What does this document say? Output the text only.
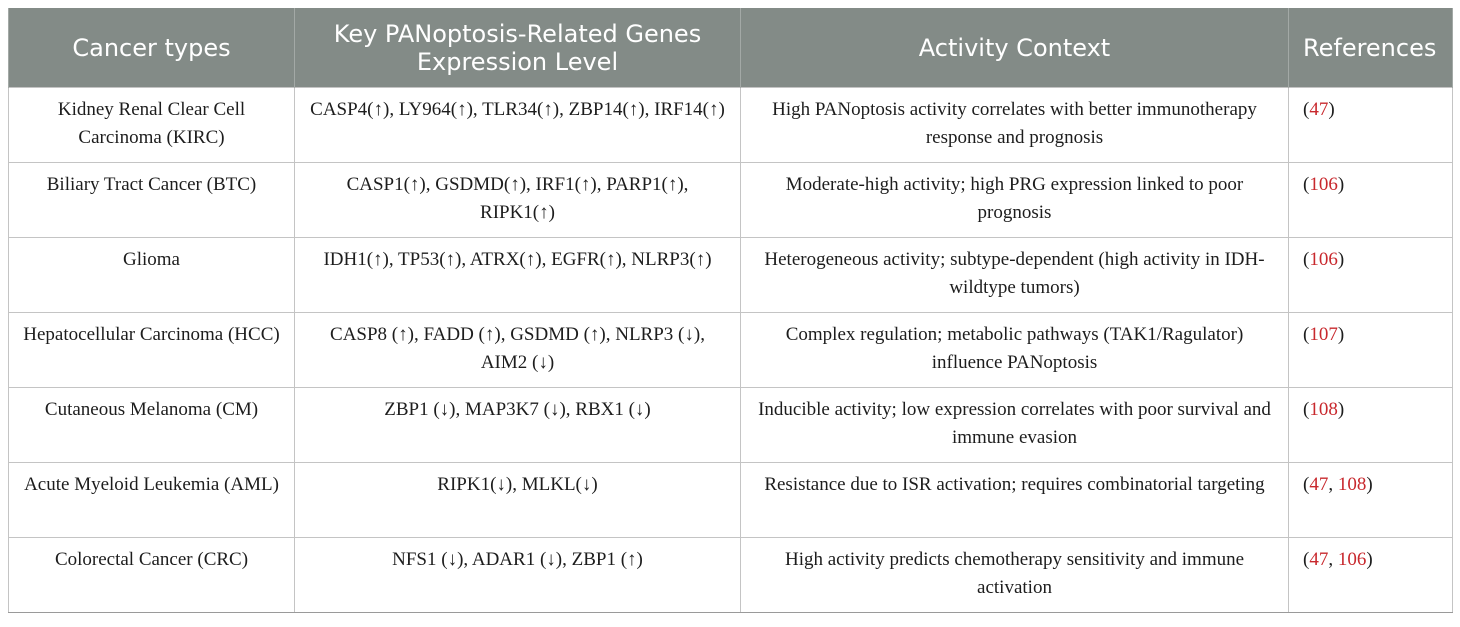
Cancer types	Key PANoptosis-Related Genes Expression Level	Activity Context	References
Kidney Renal Clear Cell Carcinoma (KIRC)	CASP4(↑), LY964(↑), TLR34(↑), ZBP14(↑), IRF14(↑)	High PANoptosis activity correlates with better immunotherapy response and prognosis	(47)
Biliary Tract Cancer (BTC)	CASP1(↑), GSDMD(↑), IRF1(↑), PARP1(↑), RIPK1(↑)	Moderate-high activity; high PRG expression linked to poor prognosis	(106)
Glioma	IDH1(↑), TP53(↑), ATRX(↑), EGFR(↑), NLRP3(↑)	Heterogeneous activity; subtype-dependent (high activity in IDH-wildtype tumors)	(106)
Hepatocellular Carcinoma (HCC)	CASP8 (↑), FADD (↑), GSDMD (↑), NLRP3 (↓), AIM2 (↓)	Complex regulation; metabolic pathways (TAK1/Ragulator) influence PANoptosis	(107)
Cutaneous Melanoma (CM)	ZBP1 (↓), MAP3K7 (↓), RBX1 (↓)	Inducible activity; low expression correlates with poor survival and immune evasion	(108)
Acute Myeloid Leukemia (AML)	RIPK1(↓), MLKL(↓)	Resistance due to ISR activation; requires combinatorial targeting	(47, 108)
Colorectal Cancer (CRC)	NFS1 (↓), ADAR1 (↓), ZBP1 (↑)	High activity predicts chemotherapy sensitivity and immune activation	(47, 106)
